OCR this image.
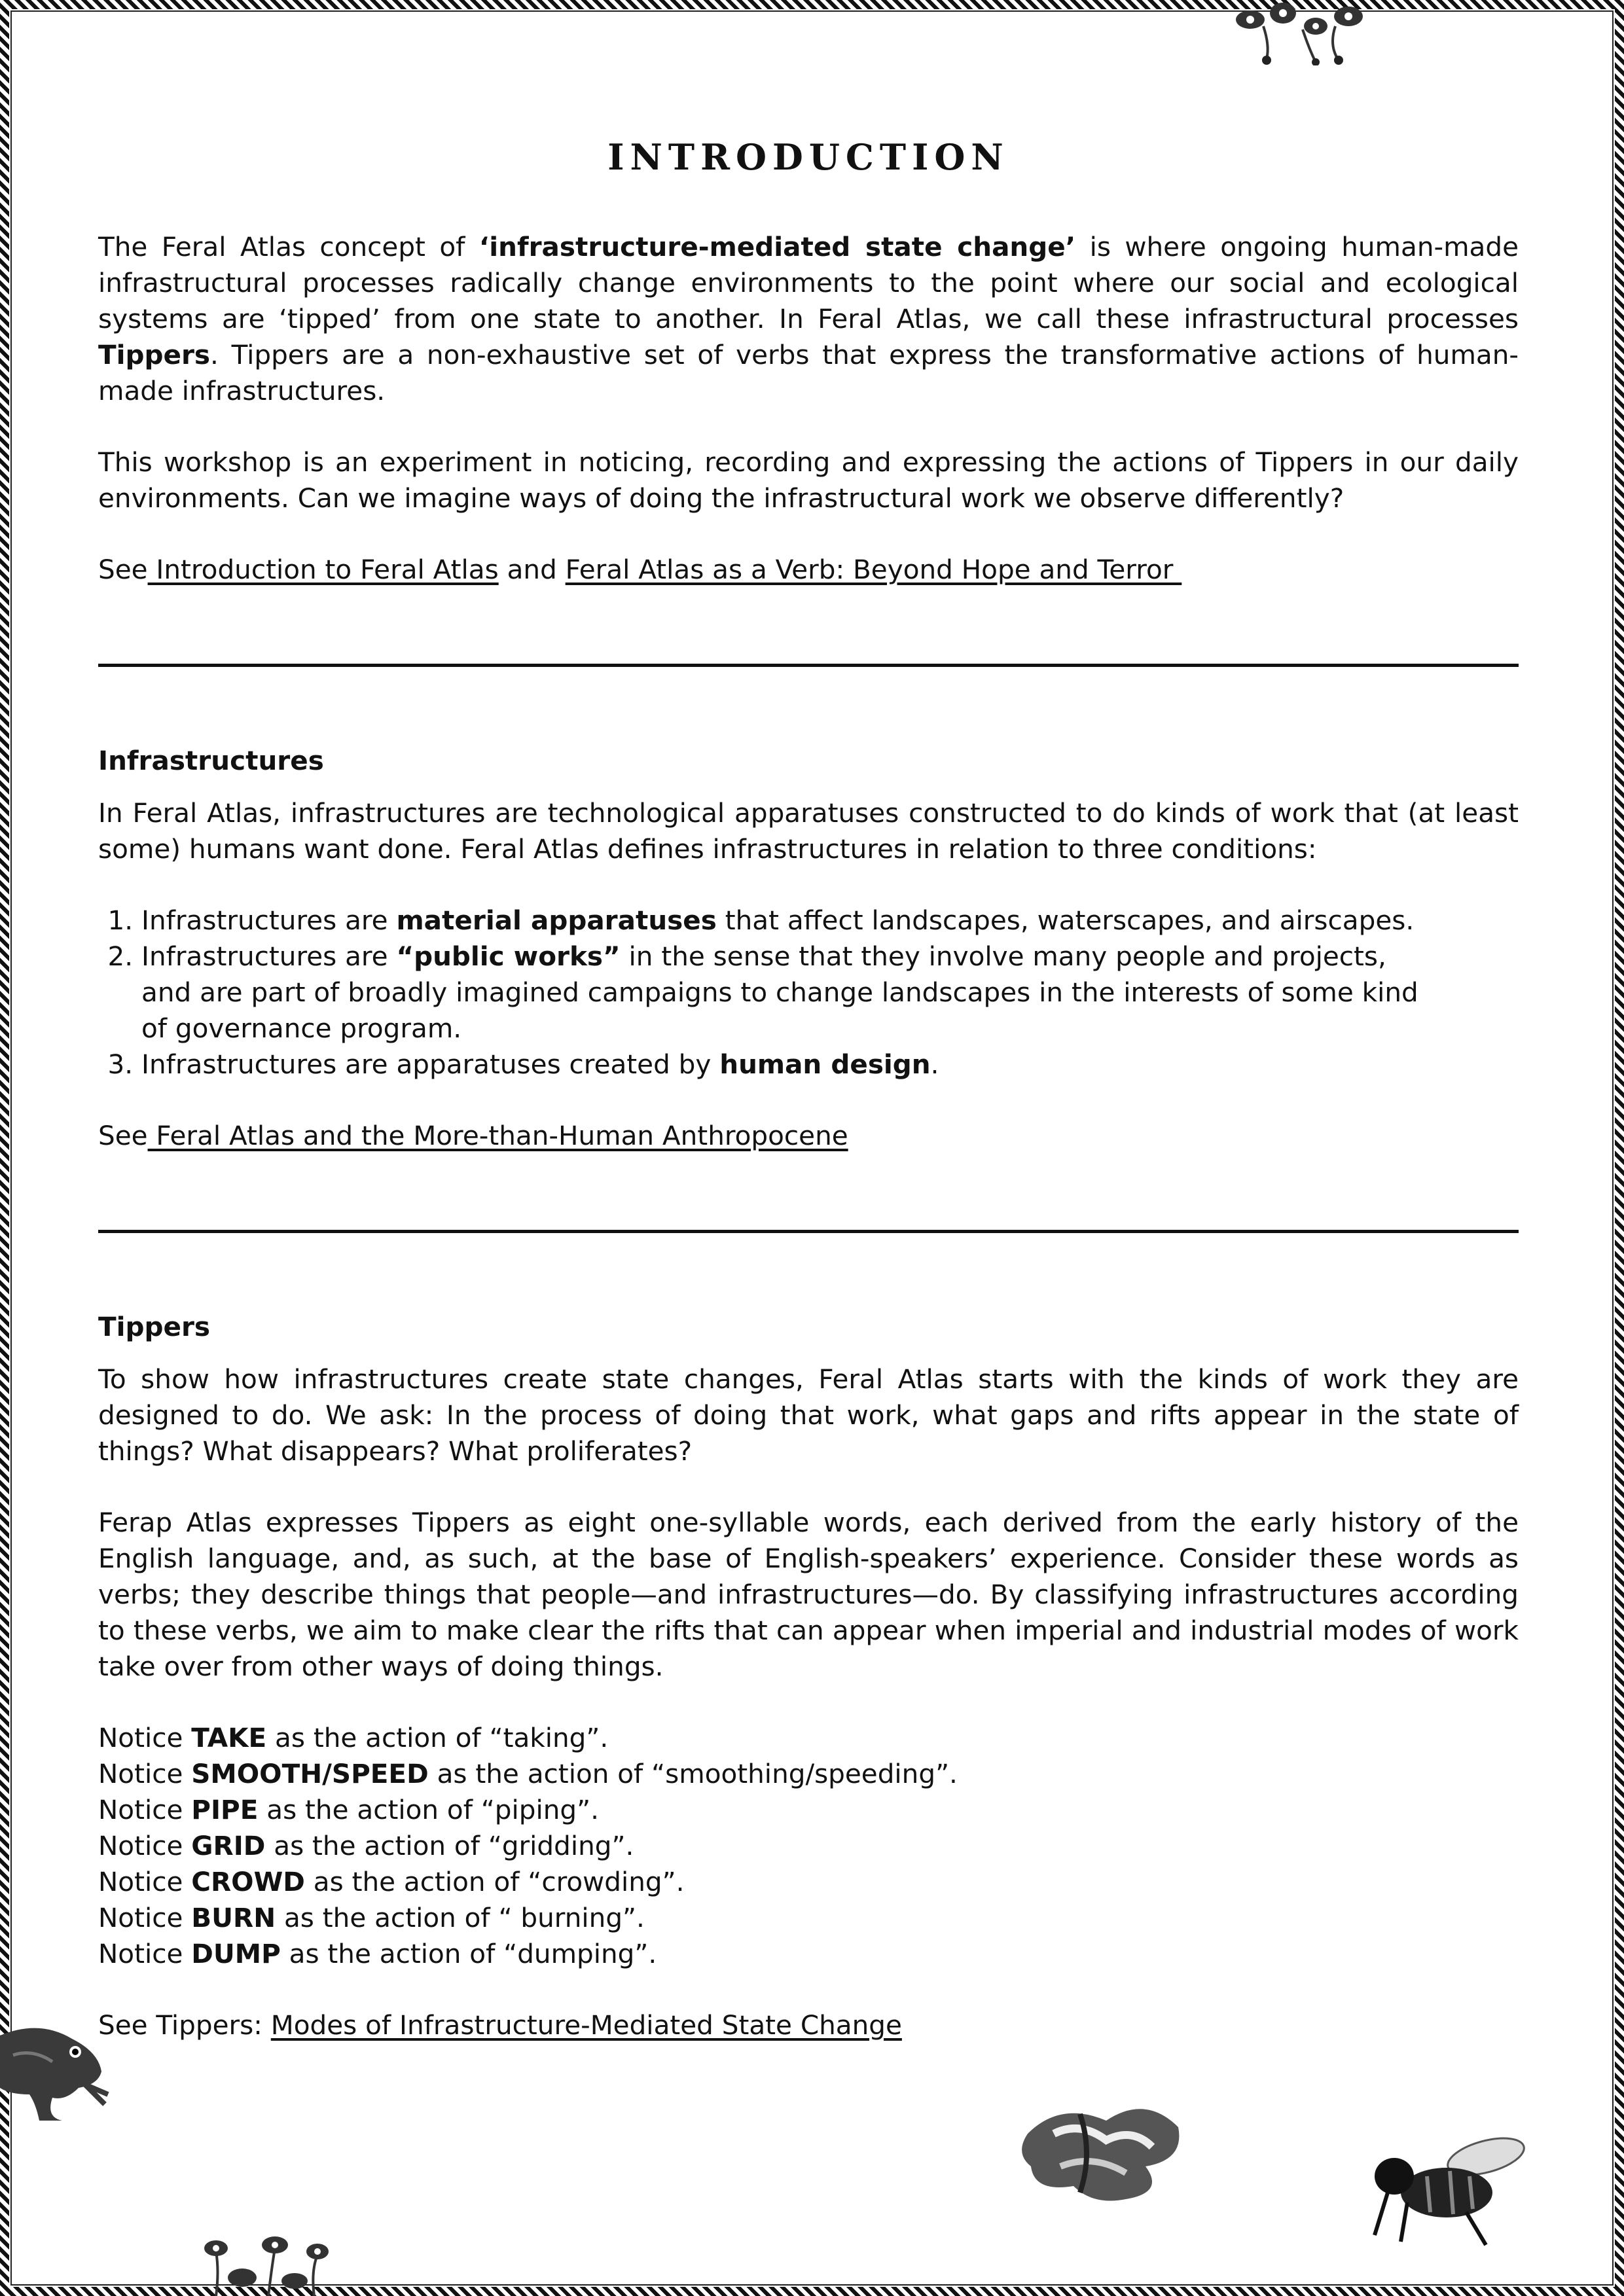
INTRODUCTION

The Feral Atlas concept of ‘infrastructure-mediated state change’ is where ongoing human-made infrastructural processes radically change environments to the point where our social and ecological systems are ‘tipped’ from one state to another. In Feral Atlas, we call these infrastructural processes Tippers. Tippers are a non-exhaustive set of verbs that express the transformative actions of human-made infrastructures.

This workshop is an experiment in noticing, recording and expressing the actions of Tippers in our daily environments. Can we imagine ways of doing the infrastructural work we observe differently?

See Introduction to Feral Atlas and Feral Atlas as a Verb: Beyond Hope and Terror

Infrastructures

In Feral Atlas, infrastructures are technological apparatuses constructed to do kinds of work that (at least some) humans want done. Feral Atlas defines infrastructures in relation to three conditions:

1. Infrastructures are material apparatuses that affect landscapes, waterscapes, and airscapes.
2. Infrastructures are “public works” in the sense that they involve many people and projects, and are part of broadly imagined campaigns to change landscapes in the interests of some kind of governance program.
3. Infrastructures are apparatuses created by human design.

See Feral Atlas and the More-than-Human Anthropocene

Tippers

To show how infrastructures create state changes, Feral Atlas starts with the kinds of work they are designed to do. We ask: In the process of doing that work, what gaps and rifts appear in the state of things? What disappears? What proliferates?

Ferap Atlas expresses Tippers as eight one-syllable words, each derived from the early history of the English language, and, as such, at the base of English-speakers’ experience. Consider these words as verbs; they describe things that people—and infrastructures—do. By classifying infrastructures according to these verbs, we aim to make clear the rifts that can appear when imperial and industrial modes of work take over from other ways of doing things.

Notice TAKE as the action of “taking”.
Notice SMOOTH/SPEED as the action of “smoothing/speeding”.
Notice PIPE as the action of “piping”.
Notice GRID as the action of “gridding”.
Notice CROWD as the action of “crowding”.
Notice BURN as the action of “ burning”.
Notice DUMP as the action of “dumping”.

See Tippers: Modes of Infrastructure-Mediated State Change
